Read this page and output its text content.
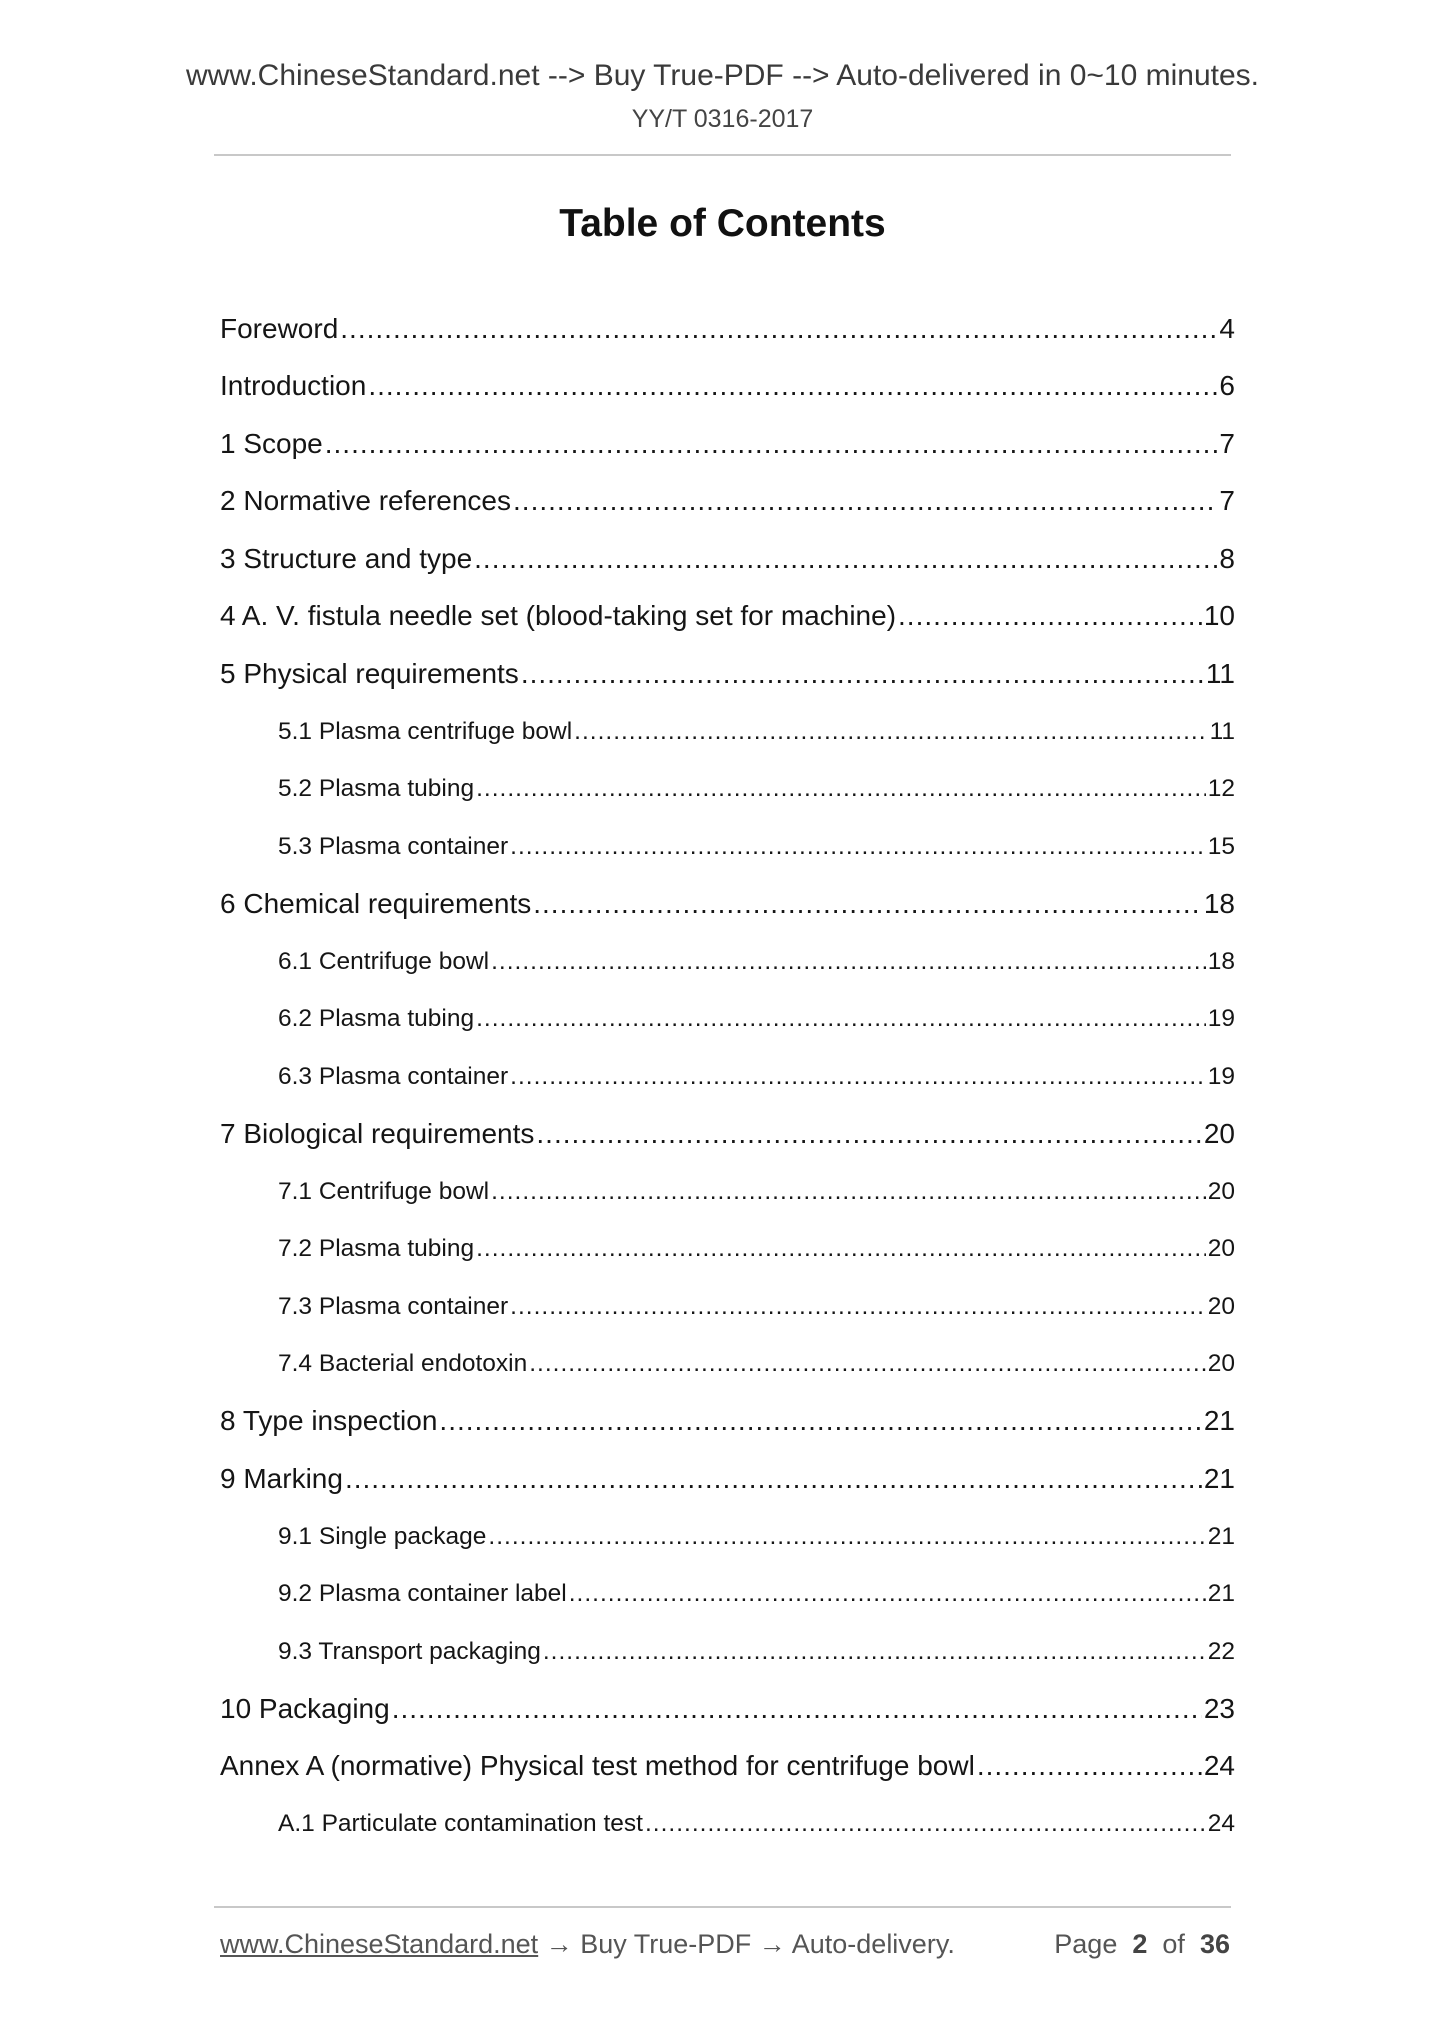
www.ChineseStandard.net --> Buy True-PDF --> Auto-delivered in 0~10 minutes.
YY/T 0316-2017
Table of Contents
Foreword .....	4
Introduction .....	6
1 Scope .....	7
2 Normative references .....	7
3 Structure and type .....	8
4 A. V. fistula needle set (blood-taking set for machine) .....	10
5 Physical requirements .....	11
5.1 Plasma centrifuge bowl .....	11
5.2 Plasma tubing .....	12
5.3 Plasma container .....	15
6 Chemical requirements .....	18
6.1 Centrifuge bowl .....	18
6.2 Plasma tubing .....	19
6.3 Plasma container .....	19
7 Biological requirements .....	20
7.1 Centrifuge bowl .....	20
7.2 Plasma tubing .....	20
7.3 Plasma container .....	20
7.4 Bacterial endotoxin .....	20
8 Type inspection .....	21
9 Marking .....	21
9.1 Single package .....	21
9.2 Plasma container label .....	21
9.3 Transport packaging .....	22
10 Packaging .....	23
Annex A (normative) Physical test method for centrifuge bowl .....	24
A.1 Particulate contamination test .....	24
www.ChineseStandard.net → Buy True-PDF → Auto-delivery.	Page 2 of 36
